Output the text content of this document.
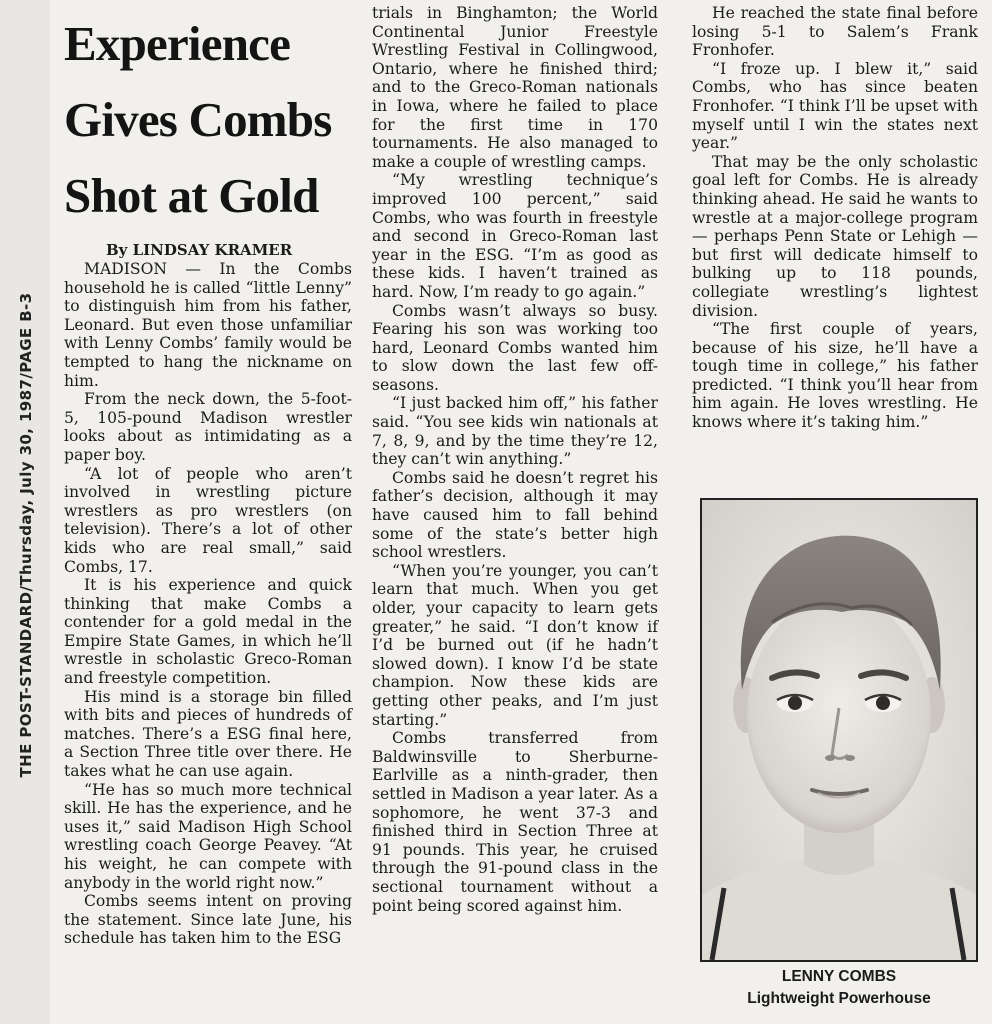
THE POST-STANDARD/Thursday, July 30, 1987/PAGE B-3
Experience
Gives Combs
Shot at Gold
By LINDSAY KRAMER

MADISON — In the Combs household he is called “little Lenny” to distinguish him from his father, Leonard. But even those unfamiliar with Lenny Combs’ family would be tempted to hang the nickname on him.

From the neck down, the 5-foot-5, 105-pound Madison wrestler looks about as intimidating as a paper boy.

“A lot of people who aren’t involved in wrestling picture wrestlers as pro wrestlers (on television). There’s a lot of other kids who are real small,” said Combs, 17.

It is his experience and quick thinking that make Combs a contender for a gold medal in the Empire State Games, in which he’ll wrestle in scholastic Greco-Roman and freestyle competition.

His mind is a storage bin filled with bits and pieces of hundreds of matches. There’s a ESG final here, a Section Three title over there. He takes what he can use again.

“He has so much more technical skill. He has the experience, and he uses it,” said Madison High School wrestling coach George Peavey. “At his weight, he can compete with anybody in the world right now.”

Combs seems intent on proving the statement. Since late June, his schedule has taken him to the ESG

trials in Binghamton; the World Continental Junior Freestyle Wrestling Festival in Collingwood, Ontario, where he finished third; and to the Greco-Roman nationals in Iowa, where he failed to place for the first time in 170 tournaments. He also managed to make a couple of wrestling camps.

“My wrestling technique’s improved 100 percent,” said Combs, who was fourth in freestyle and second in Greco-Roman last year in the ESG. “I’m as good as these kids. I haven’t trained as hard. Now, I’m ready to go again.”

Combs wasn’t always so busy. Fearing his son was working too hard, Leonard Combs wanted him to slow down the last few off-seasons.

“I just backed him off,” his father said. “You see kids win nationals at 7, 8, 9, and by the time they’re 12, they can’t win anything.”

Combs said he doesn’t regret his father’s decision, although it may have caused him to fall behind some of the state’s better high school wrestlers.

“When you’re younger, you can’t learn that much. When you get older, your capacity to learn gets greater,” he said. “I don’t know if I’d be burned out (if he hadn’t slowed down). I know I’d be state champion. Now these kids are getting other peaks, and I’m just starting.”

Combs transferred from Baldwinsville to Sherburne-Earlville as a ninth-grader, then settled in Madison a year later. As a sophomore, he went 37-3 and finished third in Section Three at 91 pounds. This year, he cruised through the 91-pound class in the sectional tournament without a point being scored against him.

He reached the state final before losing 5-1 to Salem’s Frank Fronhofer.

“I froze up. I blew it,” said Combs, who has since beaten Fronhofer. “I think I’ll be upset with myself until I win the states next year.”

That may be the only scholastic goal left for Combs. He is already thinking ahead. He said he wants to wrestle at a major-college program — perhaps Penn State or Lehigh — but first will dedicate himself to bulking up to 118 pounds, collegiate wrestling’s lightest division.

“The first couple of years, because of his size, he’ll have a tough time in college,” his father predicted. “I think you’ll hear from him again. He loves wrestling. He knows where it’s taking him.”

LENNY COMBS
Lightweight Powerhouse
